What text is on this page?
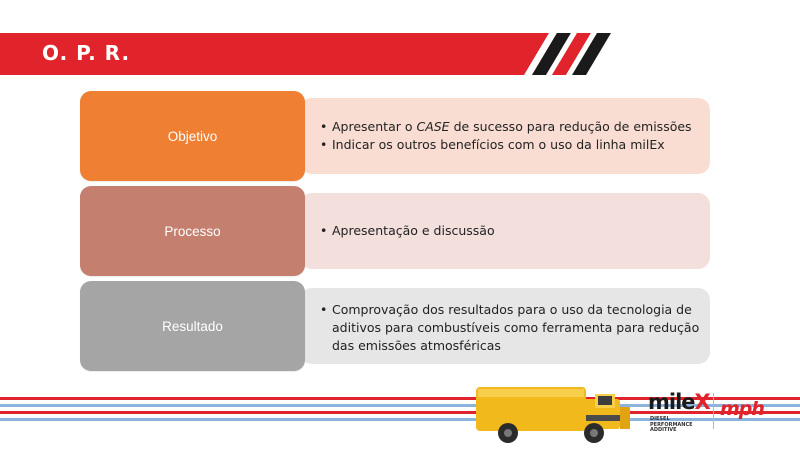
O. P. R.
Objetivo
• Apresentar o CASE de sucesso para redução de emissões
• Indicar os outros benefícios com o uso da linha milEx
Processo
•	Apresentação e discussão
Resultado
• Comprovação dos resultados para o uso da tecnologia de
aditivos para combustíveis como ferramenta para redução
das emissões atmosféricas
mileX
DIESEL
PERFORMANCE
ADDITIVE
mph
